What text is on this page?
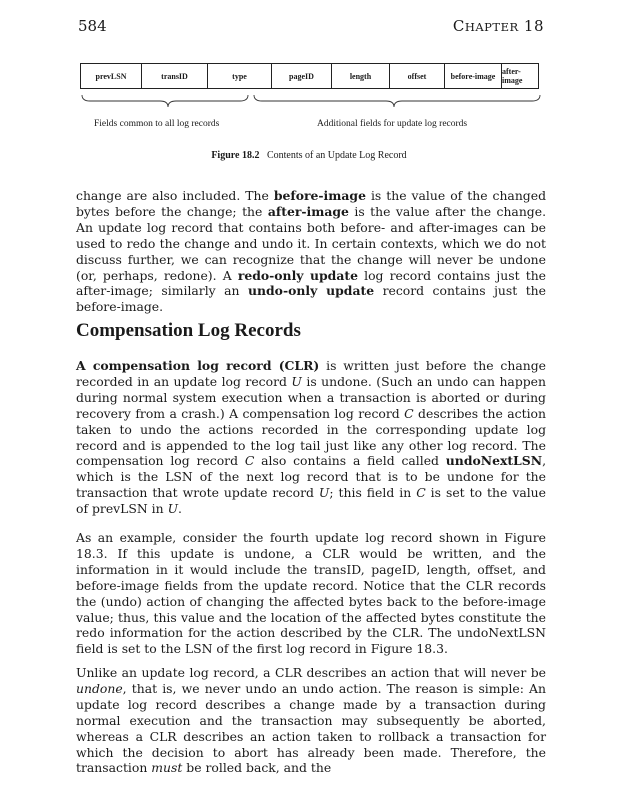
584	CHAPTER 18
prevLSN	transID	type	pageID	length	offset	before-image after-image
Fields common to all log records	Additional fields for update log records
Figure 18.2 Contents of an Update Log Record

change are also included. The before-image is the value of the changed bytes before the change; the after-image is the value after the change. An update log record that contains both before- and after-images can be used to redo the change and undo it. In certain contexts, which we do not discuss further, we can recognize that the change will never be undone (or, perhaps, redone). A redo-only update log record contains just the after-image; similarly an undo-only update record contains just the before-image.

Compensation Log Records

A compensation log record (CLR) is written just before the change recorded in an update log record U is undone. (Such an undo can happen during normal system execution when a transaction is aborted or during recovery from a crash.) A compensation log record C describes the action taken to undo the actions recorded in the corresponding update log record and is appended to the log tail just like any other log record. The compensation log record C also contains a field called undoNextLSN, which is the LSN of the next log record that is to be undone for the transaction that wrote update record U; this field in C is set to the value of prevLSN in U.

As an example, consider the fourth update log record shown in Figure 18.3. If this update is undone, a CLR would be written, and the information in it would include the transID, pageID, length, offset, and before-image fields from the update record. Notice that the CLR records the (undo) action of changing the affected bytes back to the before-image value; thus, this value and the location of the affected bytes constitute the redo information for the action described by the CLR. The undoNextLSN field is set to the LSN of the first log record in Figure 18.3.

Unlike an update log record, a CLR describes an action that will never be undone, that is, we never undo an undo action. The reason is simple: An update log record describes a change made by a transaction during normal execution and the transaction may subsequently be aborted, whereas a CLR describes an action taken to rollback a transaction for which the decision to abort has already been made. Therefore, the transaction must be rolled back, and the
